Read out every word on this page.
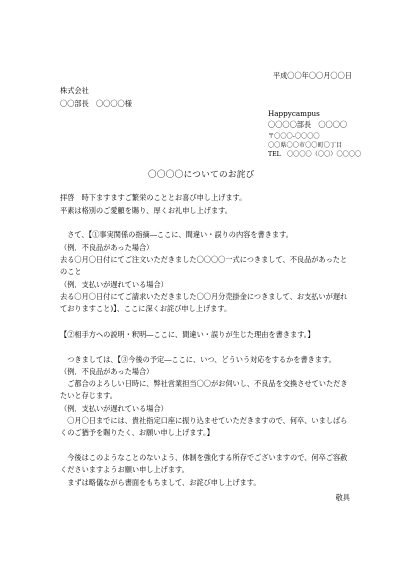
平成〇〇年〇〇月〇〇日
株式会社
〇〇部長　〇〇〇〇様
Happycampus
〇〇〇〇部長　〇〇〇〇
〒〇〇〇-〇〇〇〇
〇〇県〇〇市〇〇町〇丁目
TEL　〇〇〇〇（〇〇）〇〇〇〇
〇〇〇〇についてのお詫び
拝啓　時下ますますご繁栄のこととお喜び申し上げます。
平素は格別のご愛顧を賜り、厚くお礼申し上げます。
　さて、【①事実関係の指摘―ここに、間違い・誤りの内容を書きます。
（例．不良品があった場合）
去る〇月〇日付にてご注文いただきました〇〇〇〇一式につきまして、不良品があったと
のこと
（例．支払いが遅れている場合）
去る〇月〇日付にてご請求いただきました〇〇月分売掛金につきまして、お支払いが遅れ
ておりますこと)】、ここに深くお詫び申し上げます。
【②相手方への説明・釈明―ここに、間違い・誤りが生じた理由を書きます。】
　つきましては、【③今後の予定―ここに、いつ、どういう対応をするかを書きます。
（例．不良品があった場合）
　ご都合のよろしい日時に、弊社営業担当〇〇がお伺いし、不良品を交換させていただき
たいと存じます。
（例．支払いが遅れている場合）
　〇月〇日までには、貴社指定口座に振り込ませていただきますので、何卒、いましばら
くのご猶予を賜りたく、お願い申し上げます。】
　今後はこのようなことのないよう、体制を強化する所存でございますので、何卒ご容赦
くださいますようお願い申し上げます。
　まずは略儀ながら書面をもちまして、お詫び申し上げます。
敬具
